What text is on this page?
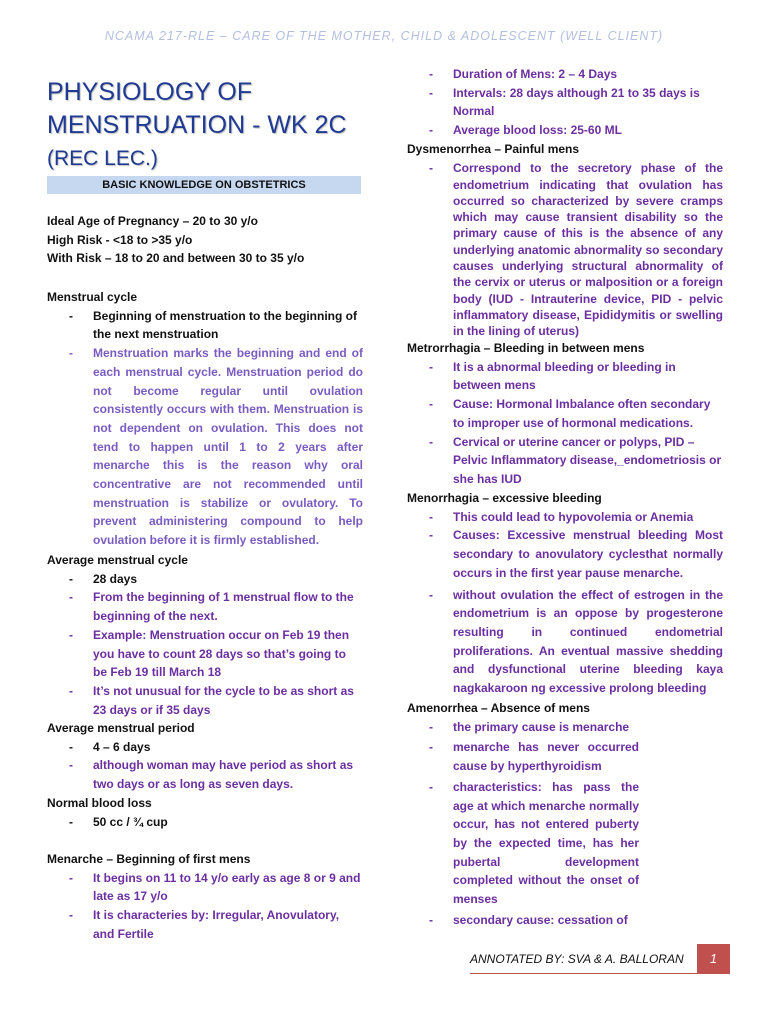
NCAMA 217-RLE – CARE OF THE MOTHER, CHILD & ADOLESCENT (WELL CLIENT)
PHYSIOLOGY OF
MENSTRUATION - WK 2C
(REC LEC.)
BASIC KNOWLEDGE ON OBSTETRICS
Ideal Age of Pregnancy – 20 to 30 y/o
High Risk - <18 to >35 y/o
With Risk – 18 to 20 and between 30 to 35 y/o
Menstrual cycle
- Beginning of menstruation to the beginning of the next menstruation
- Menstruation marks the beginning and end of each menstrual cycle. Menstruation period do not become regular until ovulation consistently occurs with them. Menstruation is not dependent on ovulation. This does not tend to happen until 1 to 2 years after menarche this is the reason why oral concentrative are not recommended until menstruation is stabilize or ovulatory. To prevent administering compound to help ovulation before it is firmly established.
Average menstrual cycle
- 28 days
- From the beginning of 1 menstrual flow to the beginning of the next.
- Example: Menstruation occur on Feb 19 then you have to count 28 days so that’s going to be Feb 19 till March 18
- It’s not unusual for the cycle to be as short as 23 days or if 35 days
Average menstrual period
- 4 – 6 days
- although woman may have period as short as two days or as long as seven days.
Normal blood loss
- 50 cc / ¾ cup
Menarche – Beginning of first mens
- It begins on 11 to 14 y/o early as age 8 or 9 and late as 17 y/o
- It is characteries by: Irregular, Anovulatory, and Fertile
- Duration of Mens: 2 – 4 Days
- Intervals: 28 days although 21 to 35 days is Normal
- Average blood loss: 25-60 ML
Dysmenorrhea – Painful mens
- Correspond to the secretory phase of the endometrium indicating that ovulation has occurred so characterized by severe cramps which may cause transient disability so the primary cause of this is the absence of any underlying anatomic abnormality so secondary causes underlying structural abnormality of the cervix or uterus or malposition or a foreign body (IUD - Intrauterine device, PID - pelvic inflammatory disease, Epididymitis or swelling in the lining of uterus)
Metrorrhagia – Bleeding in between mens
- It is a abnormal bleeding or bleeding in between mens
- Cause: Hormonal Imbalance often secondary to improper use of hormonal medications.
- Cervical or uterine cancer or polyps, PID – Pelvic Inflammatory disease,_endometriosis or she has IUD
Menorrhagia – excessive bleeding
- This could lead to hypovolemia or Anemia
- Causes: Excessive menstrual bleeding Most secondary to anovulatory cyclesthat normally occurs in the first year pause menarche.
- without ovulation the effect of estrogen in the endometrium is an oppose by progesterone resulting in continued endometrial proliferations. An eventual massive shedding and dysfunctional uterine bleeding kaya nagkakaroon ng excessive prolong bleeding
Amenorrhea – Absence of mens
- the primary cause is menarche
- menarche has never occurred cause by hyperthyroidism
- characteristics: has pass the age at which menarche normally occur, has not entered puberty by the expected time, has her pubertal development completed without the onset of menses
- secondary cause: cessation of
ANNOTATED BY: SVA & A. BALLORAN	1
